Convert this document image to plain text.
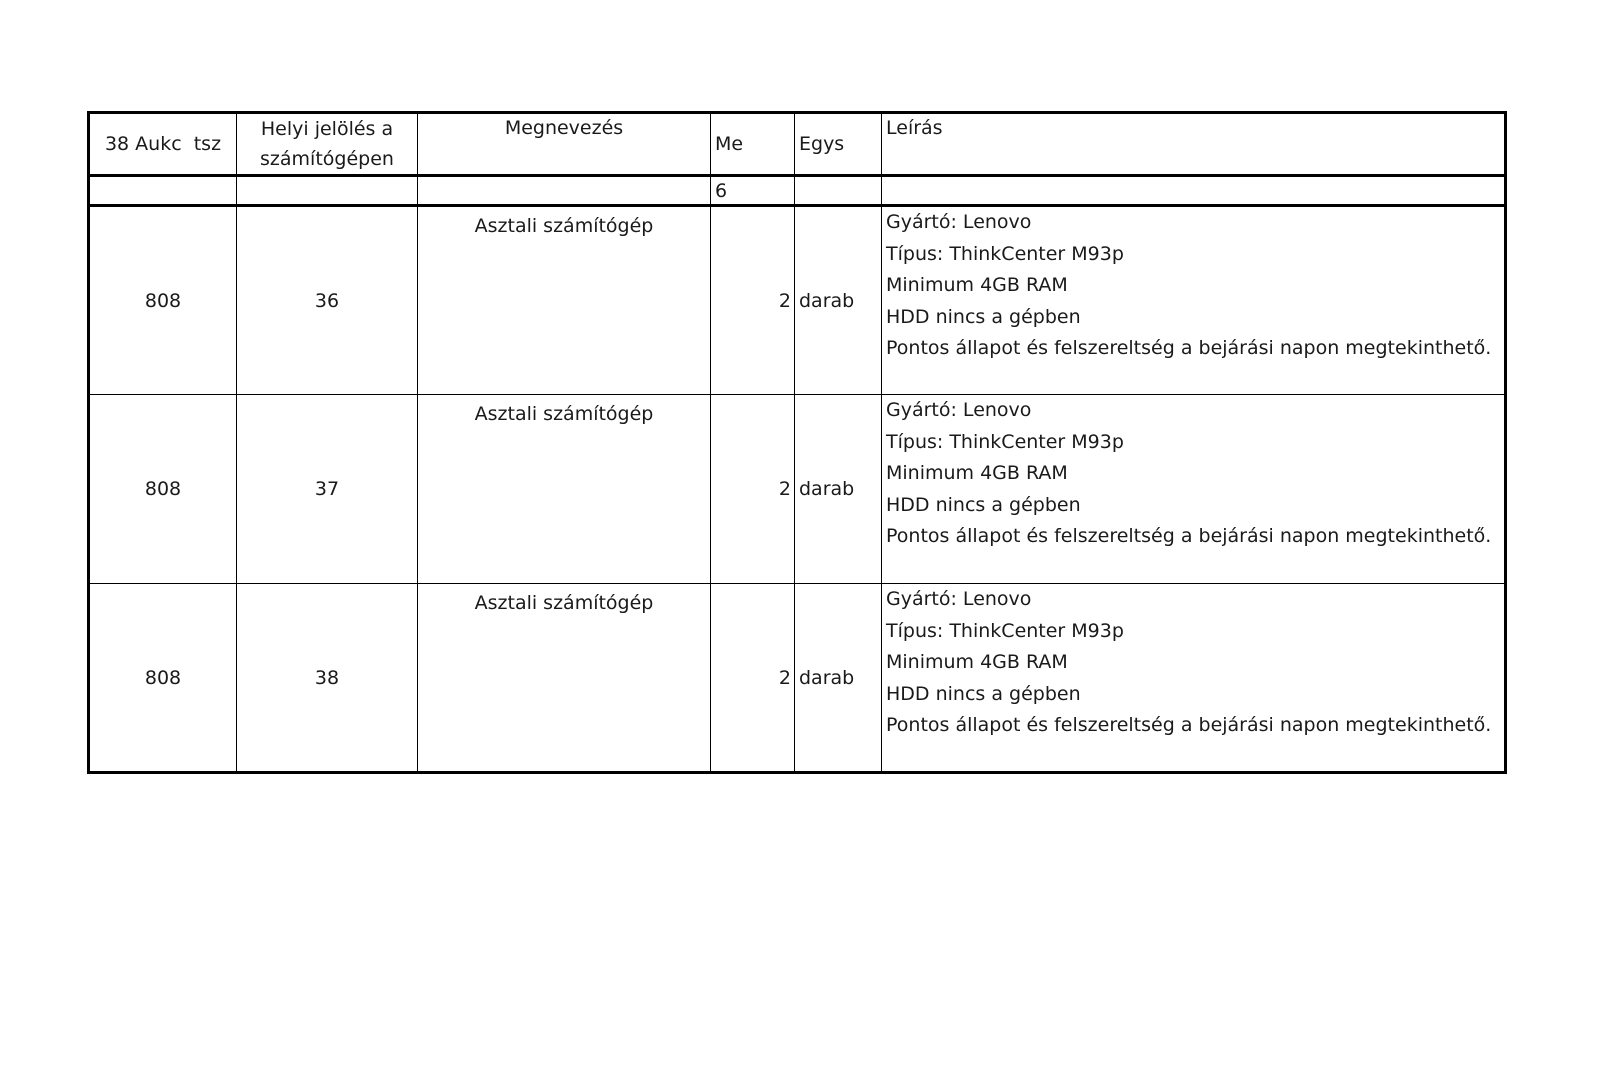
38 Aukc  tsz	Helyi jelölés a
számítógépen	Megnevezés	Me	Egys	Leírás
			6		
808	36	Asztali számítógép	2	darab	Gyártó: Lenovo
Típus: ThinkCenter M93p
Minimum 4GB RAM
HDD nincs a gépben
Pontos állapot és felszereltség a bejárási napon megtekinthető.

808	37	Asztali számítógép	2	darab	Gyártó: Lenovo
Típus: ThinkCenter M93p
Minimum 4GB RAM
HDD nincs a gépben
Pontos állapot és felszereltség a bejárási napon megtekinthető.

808	38	Asztali számítógép	2	darab	Gyártó: Lenovo
Típus: ThinkCenter M93p
Minimum 4GB RAM
HDD nincs a gépben
Pontos állapot és felszereltség a bejárási napon megtekinthető.
